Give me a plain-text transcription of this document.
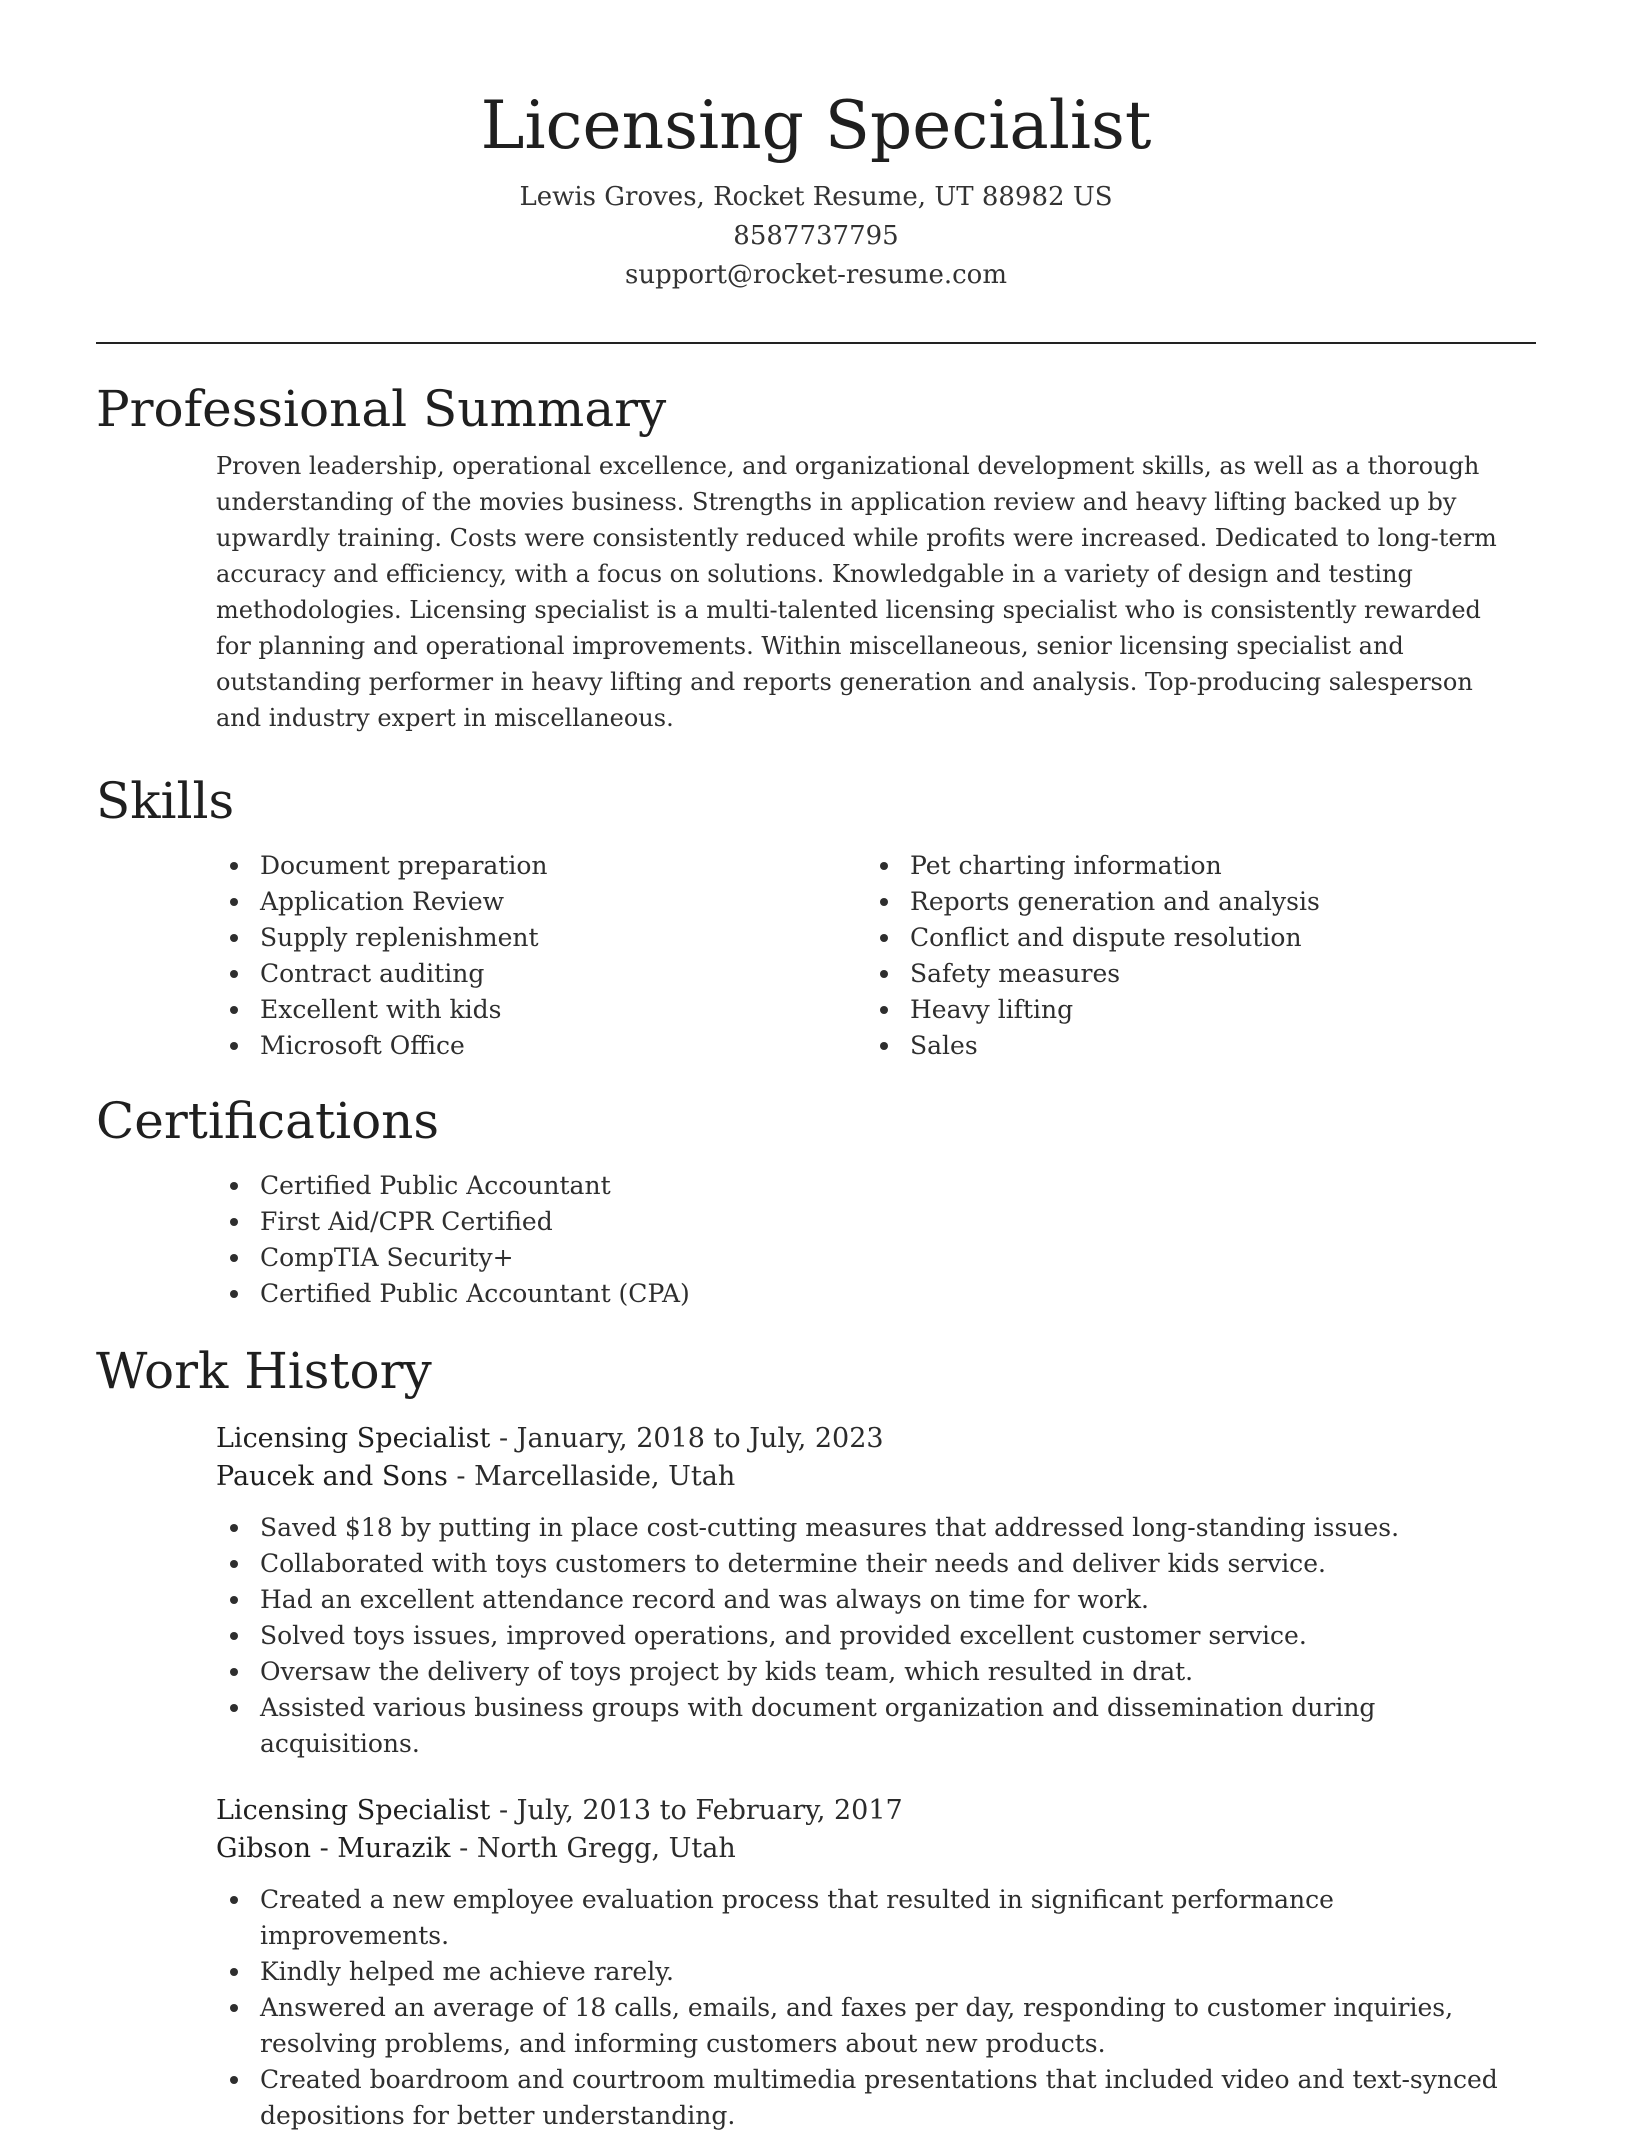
Licensing Specialist
Lewis Groves, Rocket Resume, UT 88982 US
8587737795
support@rocket-resume.com
Professional Summary

Proven leadership, operational excellence, and organizational development skills, as well as a thorough understanding of the movies business. Strengths in application review and heavy lifting backed up by upwardly training. Costs were consistently reduced while profits were increased. Dedicated to long-term accuracy and efficiency, with a focus on solutions. Knowledgable in a variety of design and testing methodologies. Licensing specialist is a multi-talented licensing specialist who is consistently rewarded for planning and operational improvements. Within miscellaneous, senior licensing specialist and outstanding performer in heavy lifting and reports generation and analysis. Top-producing salesperson and industry expert in miscellaneous.

Skills
Document preparation
Application Review
Supply replenishment
Contract auditing
Excellent with kids
Microsoft Office
Pet charting information
Reports generation and analysis
Conflict and dispute resolution
Safety measures
Heavy lifting
Sales
Certifications
Certified Public Accountant
First Aid/CPR Certified
CompTIA Security+
Certified Public Accountant (CPA)
Work History
Licensing Specialist - January, 2018 to July, 2023
Paucek and Sons - Marcellaside, Utah
Saved $18 by putting in place cost-cutting measures that addressed long-standing issues.
Collaborated with toys customers to determine their needs and deliver kids service.
Had an excellent attendance record and was always on time for work.
Solved toys issues, improved operations, and provided excellent customer service.
Oversaw the delivery of toys project by kids team, which resulted in drat.
Assisted various business groups with document organization and dissemination during acquisitions.
Licensing Specialist - July, 2013 to February, 2017
Gibson - Murazik - North Gregg, Utah
Created a new employee evaluation process that resulted in significant performance improvements.
Kindly helped me achieve rarely.
Answered an average of 18 calls, emails, and faxes per day, responding to customer inquiries, resolving problems, and informing customers about new products.
Created boardroom and courtroom multimedia presentations that included video and text-synced depositions for better understanding.
